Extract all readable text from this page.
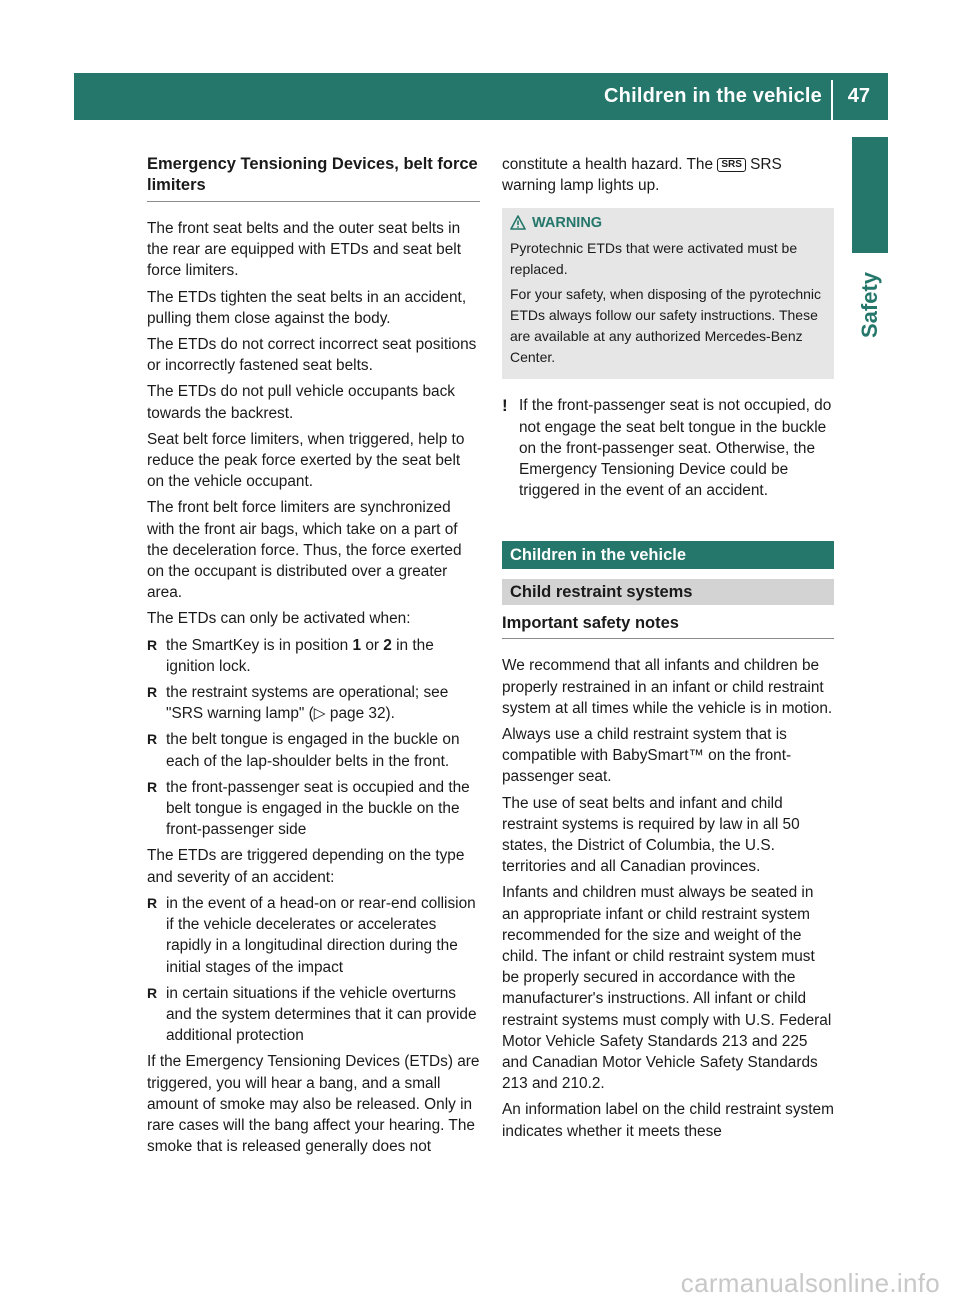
Children in the vehicle 47
Safety
Emergency Tensioning Devices, belt force limiters

The front seat belts and the outer seat belts in the rear are equipped with ETDs and seat belt force limiters.

The ETDs tighten the seat belts in an accident, pulling them close against the body.

The ETDs do not correct incorrect seat positions or incorrectly fastened seat belts.

The ETDs do not pull vehicle occupants back towards the backrest.

Seat belt force limiters, when triggered, help to reduce the peak force exerted by the seat belt on the vehicle occupant.

The front belt force limiters are synchronized with the front air bags, which take on a part of the deceleration force. Thus, the force exerted on the occupant is distributed over a greater area.

The ETDs can only be activated when:

R the SmartKey is in position 1 or 2 in the ignition lock.
R the restraint systems are operational; see "SRS warning lamp" (▷ page 32).
R the belt tongue is engaged in the buckle on each of the lap-shoulder belts in the front.
R the front-passenger seat is occupied and the belt tongue is engaged in the buckle on the front-passenger side

The ETDs are triggered depending on the type and severity of an accident:

R in the event of a head-on or rear-end collision if the vehicle decelerates or accelerates rapidly in a longitudinal direction during the initial stages of the impact
R in certain situations if the vehicle overturns and the system determines that it can provide additional protection

If the Emergency Tensioning Devices (ETDs) are triggered, you will hear a bang, and a small amount of smoke may also be released. Only in rare cases will the bang affect your hearing. The smoke that is released generally does not

constitute a health hazard. The SRS SRS warning lamp lights up.

WARNING

Pyrotechnic ETDs that were activated must be replaced.

For your safety, when disposing of the pyrotechnic ETDs always follow our safety instructions. These are available at any authorized Mercedes-Benz Center.

! If the front-passenger seat is not occupied, do not engage the seat belt tongue in the buckle on the front-passenger seat. Otherwise, the Emergency Tensioning Device could be triggered in the event of an accident.
Children in the vehicle
Child restraint systems
Important safety notes

We recommend that all infants and children be properly restrained in an infant or child restraint system at all times while the vehicle is in motion.

Always use a child restraint system that is compatible with BabySmart™ on the front-passenger seat.

The use of seat belts and infant and child restraint systems is required by law in all 50 states, the District of Columbia, the U.S. territories and all Canadian provinces.

Infants and children must always be seated in an appropriate infant or child restraint system recommended for the size and weight of the child. The infant or child restraint system must be properly secured in accordance with the manufacturer's instructions. All infant or child restraint systems must comply with U.S. Federal Motor Vehicle Safety Standards 213 and 225 and Canadian Motor Vehicle Safety Standards 213 and 210.2.

An information label on the child restraint system indicates whether it meets these

carmanualsonline.info
